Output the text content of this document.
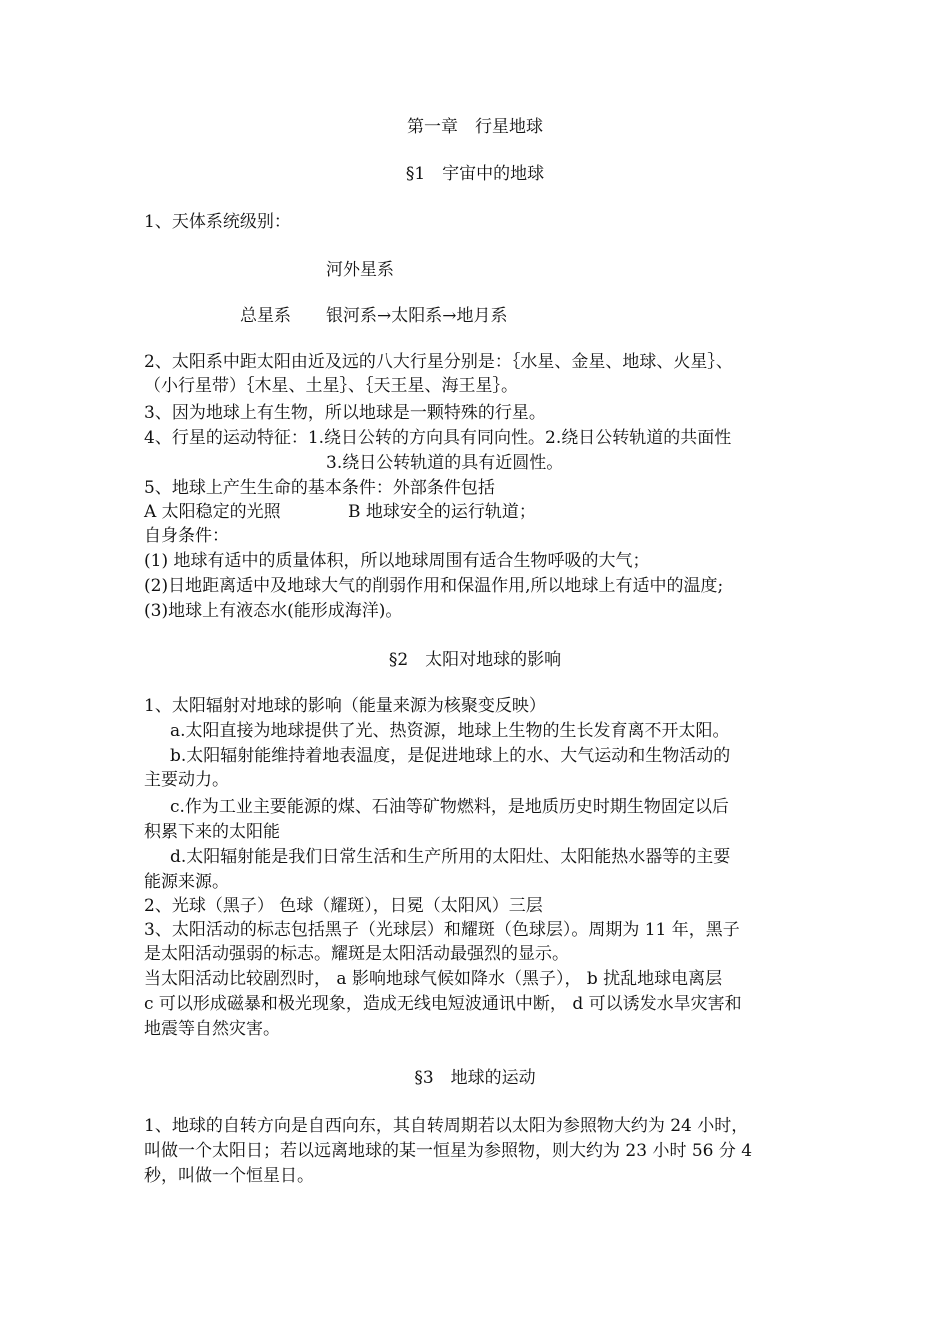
第一章　行星地球
§1　宇宙中的地球
1、天体系统级别：
河外星系
总星系 银河系→太阳系→地月系
2、太阳系中距太阳由近及远的八大行星分别是：｛水星、金星、地球、火星｝、
（小行星带）｛木星、土星｝、｛天王星、海王星｝。
3、因为地球上有生物，所以地球是一颗特殊的行星。
4、行星的运动特征：1.绕日公转的方向具有同向性。2.绕日公转轨道的共面性
3.绕日公转轨道的具有近圆性。
5、地球上产生生命的基本条件：外部条件包括
A 太阳稳定的光照	B 地球安全的运行轨道；
自身条件：
(1) 地球有适中的质量体积，所以地球周围有适合生物呼吸的大气；
(2)日地距离适中及地球大气的削弱作用和保温作用,所以地球上有适中的温度;
(3)地球上有液态水(能形成海洋)。
§2　太阳对地球的影响
1、太阳辐射对地球的影响（能量来源为核聚变反映）
a.太阳直接为地球提供了光、热资源，地球上生物的生长发育离不开太阳。
b.太阳辐射能维持着地表温度，是促进地球上的水、大气运动和生物活动的
主要动力。
c.作为工业主要能源的煤、石油等矿物燃料，是地质历史时期生物固定以后
积累下来的太阳能
d.太阳辐射能是我们日常生活和生产所用的太阳灶、太阳能热水器等的主要
能源来源。
2、光球（黑子） 色球（耀斑），日冕（太阳风）三层
3、太阳活动的标志包括黑子（光球层）和耀斑（色球层）。周期为 11 年，黑子
是太阳活动强弱的标志。耀斑是太阳活动最强烈的显示。
当太阳活动比较剧烈时， a 影响地球气候如降水（黑子）， b 扰乱地球电离层
c 可以形成磁暴和极光现象，造成无线电短波通讯中断， d 可以诱发水旱灾害和
地震等自然灾害。
§3　地球的运动
1、地球的自转方向是自西向东，其自转周期若以太阳为参照物大约为 24 小时，
叫做一个太阳日；若以远离地球的某一恒星为参照物，则大约为 23 小时 56 分 4
秒，叫做一个恒星日。
